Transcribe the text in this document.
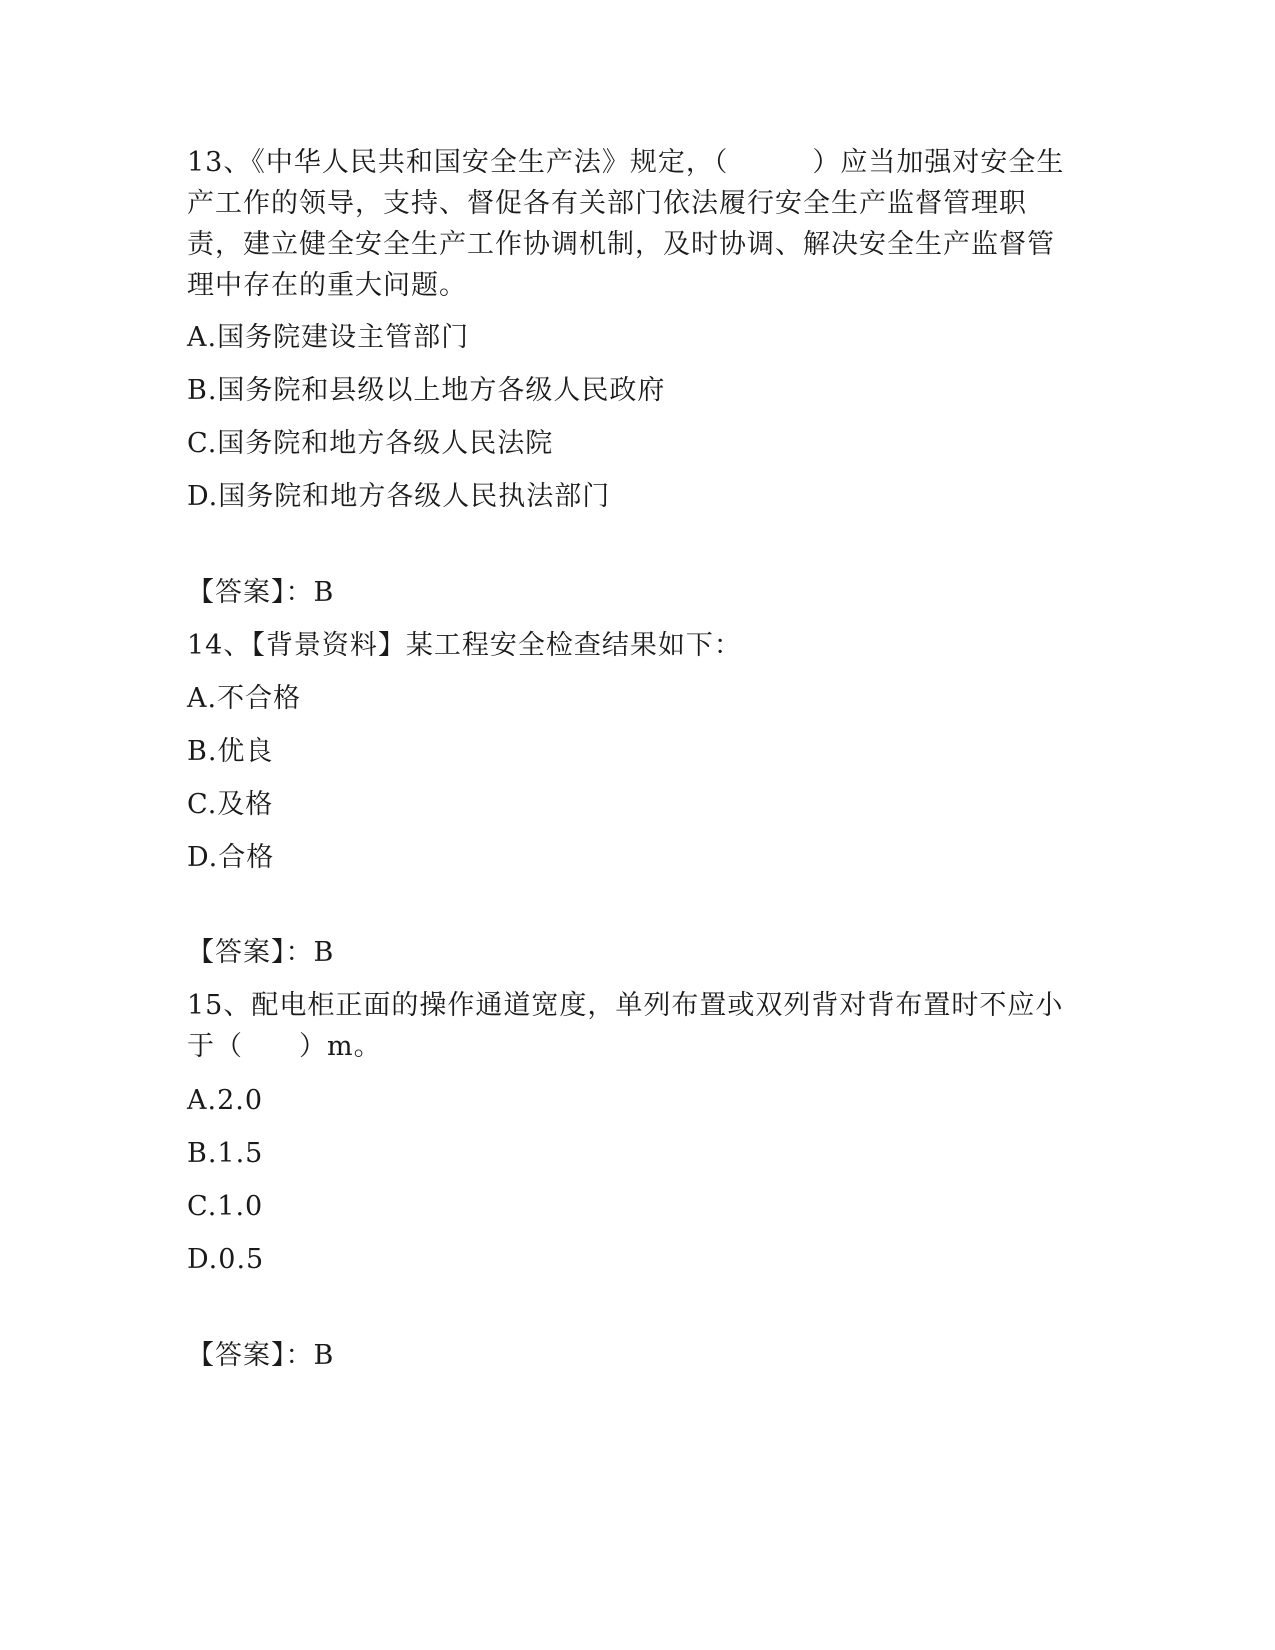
13、《中华人民共和国安全生产法》规定，（　　　）应当加强对安全生产工作的领导，支持、督促各有关部门依法履行安全生产监督管理职责，建立健全安全生产工作协调机制，及时协调、解决安全生产监督管理中存在的重大问题。

A.国务院建设主管部门

B.国务院和县级以上地方各级人民政府

C.国务院和地方各级人民法院

D.国务院和地方各级人民执法部门

【答案】：B

14、【背景资料】某工程安全检查结果如下：

A.不合格

B.优良

C.及格

D.合格

【答案】：B

15、配电柜正面的操作通道宽度，单列布置或双列背对背布置时不应小于（　　）m。

A.2.0

B.1.5

C.1.0

D.0.5

【答案】：B
